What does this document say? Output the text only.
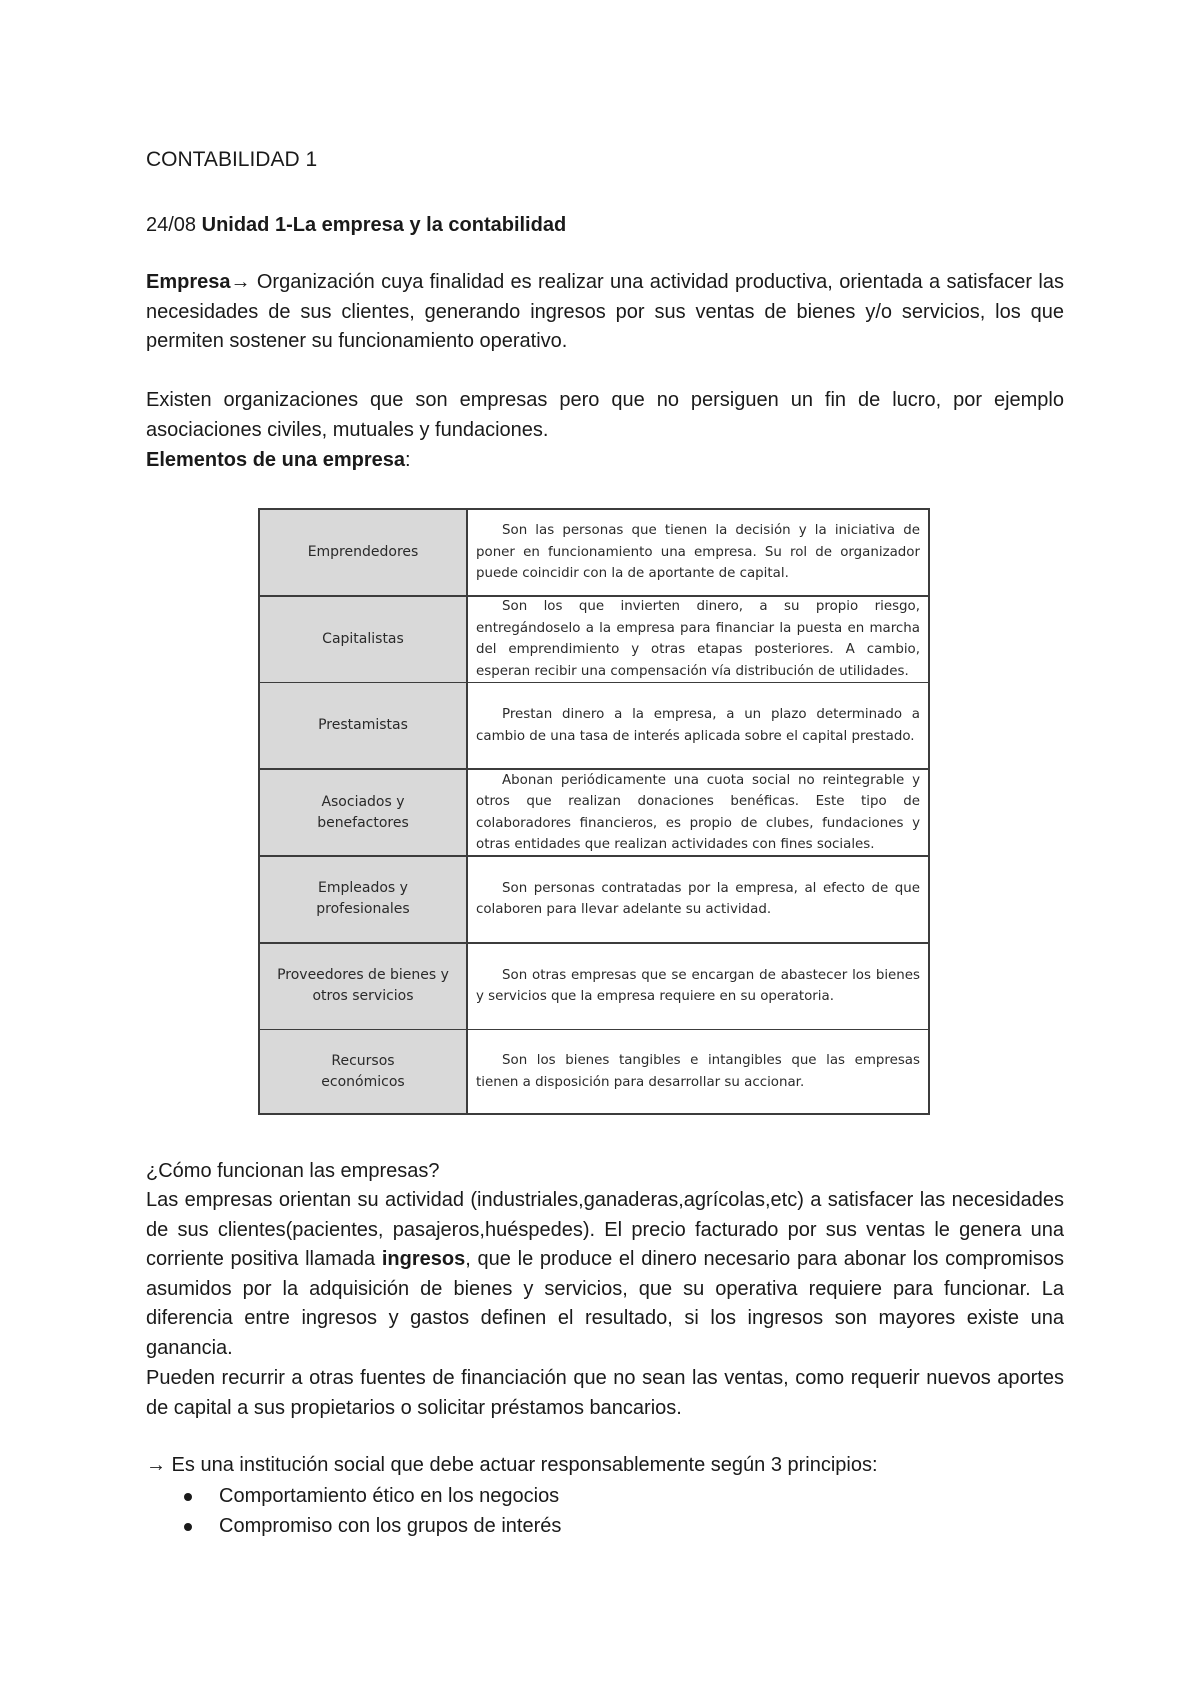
CONTABILIDAD 1
24/08 Unidad 1-La empresa y la contabilidad

Empresa→ Organización cuya finalidad es realizar una actividad productiva, orientada a satisfacer las necesidades de sus clientes, generando ingresos por sus ventas de bienes y/o servicios, los que permiten sostener su funcionamiento operativo.

Existen organizaciones que son empresas pero que no persiguen un fin de lucro, por ejemplo asociaciones civiles, mutuales y fundaciones.

Elementos de una empresa:

¿Cómo funcionan las empresas?

Las empresas orientan su actividad (industriales,ganaderas,agrícolas,etc) a satisfacer las necesidades de sus clientes(pacientes, pasajeros,huéspedes). El precio facturado por sus ventas le genera una corriente positiva llamada ingresos, que le produce el dinero necesario para abonar los compromisos asumidos por la adquisición de bienes y servicios, que su operativa requiere para funcionar. La diferencia entre ingresos y gastos definen el resultado, si los ingresos son mayores existe una ganancia.

Pueden recurrir a otras fuentes de financiación que no sean las ventas, como requerir nuevos aportes de capital a sus propietarios o solicitar préstamos bancarios.

→ Es una institución social que debe actuar responsablemente según 3 principios:

Comportamiento ético en los negocios
Compromiso con los grupos de interés
Emprendedores
Son las personas que tienen la decisión y la iniciativa de poner en funcionamiento una empresa. Su rol de organizador puede coincidir con la de aportante de capital.
Capitalistas
Son los que invierten dinero, a su propio riesgo, entregándoselo a la empresa para financiar la puesta en marcha del emprendimiento y otras etapas posteriores. A cambio, esperan recibir una compensación vía distribución de utilidades.
Prestamistas
Prestan dinero a la empresa, a un plazo determinado a cambio de una tasa de interés aplicada sobre el capital prestado.
Asociados y
benefactores
Abonan periódicamente una cuota social no reintegrable y otros que realizan donaciones benéficas. Este tipo de colaboradores financieros, es propio de clubes, fundaciones y otras entidades que realizan actividades con fines sociales.
Empleados y
profesionales
Son personas contratadas por la empresa, al efecto de que colaboren para llevar adelante su actividad.
Proveedores de bienes y
otros servicios
Son otras empresas que se encargan de abastecer los bienes y servicios que la empresa requiere en su operatoria.
Recursos
económicos
Son los bienes tangibles e intangibles que las empresas tienen a disposición para desarrollar su accionar.
